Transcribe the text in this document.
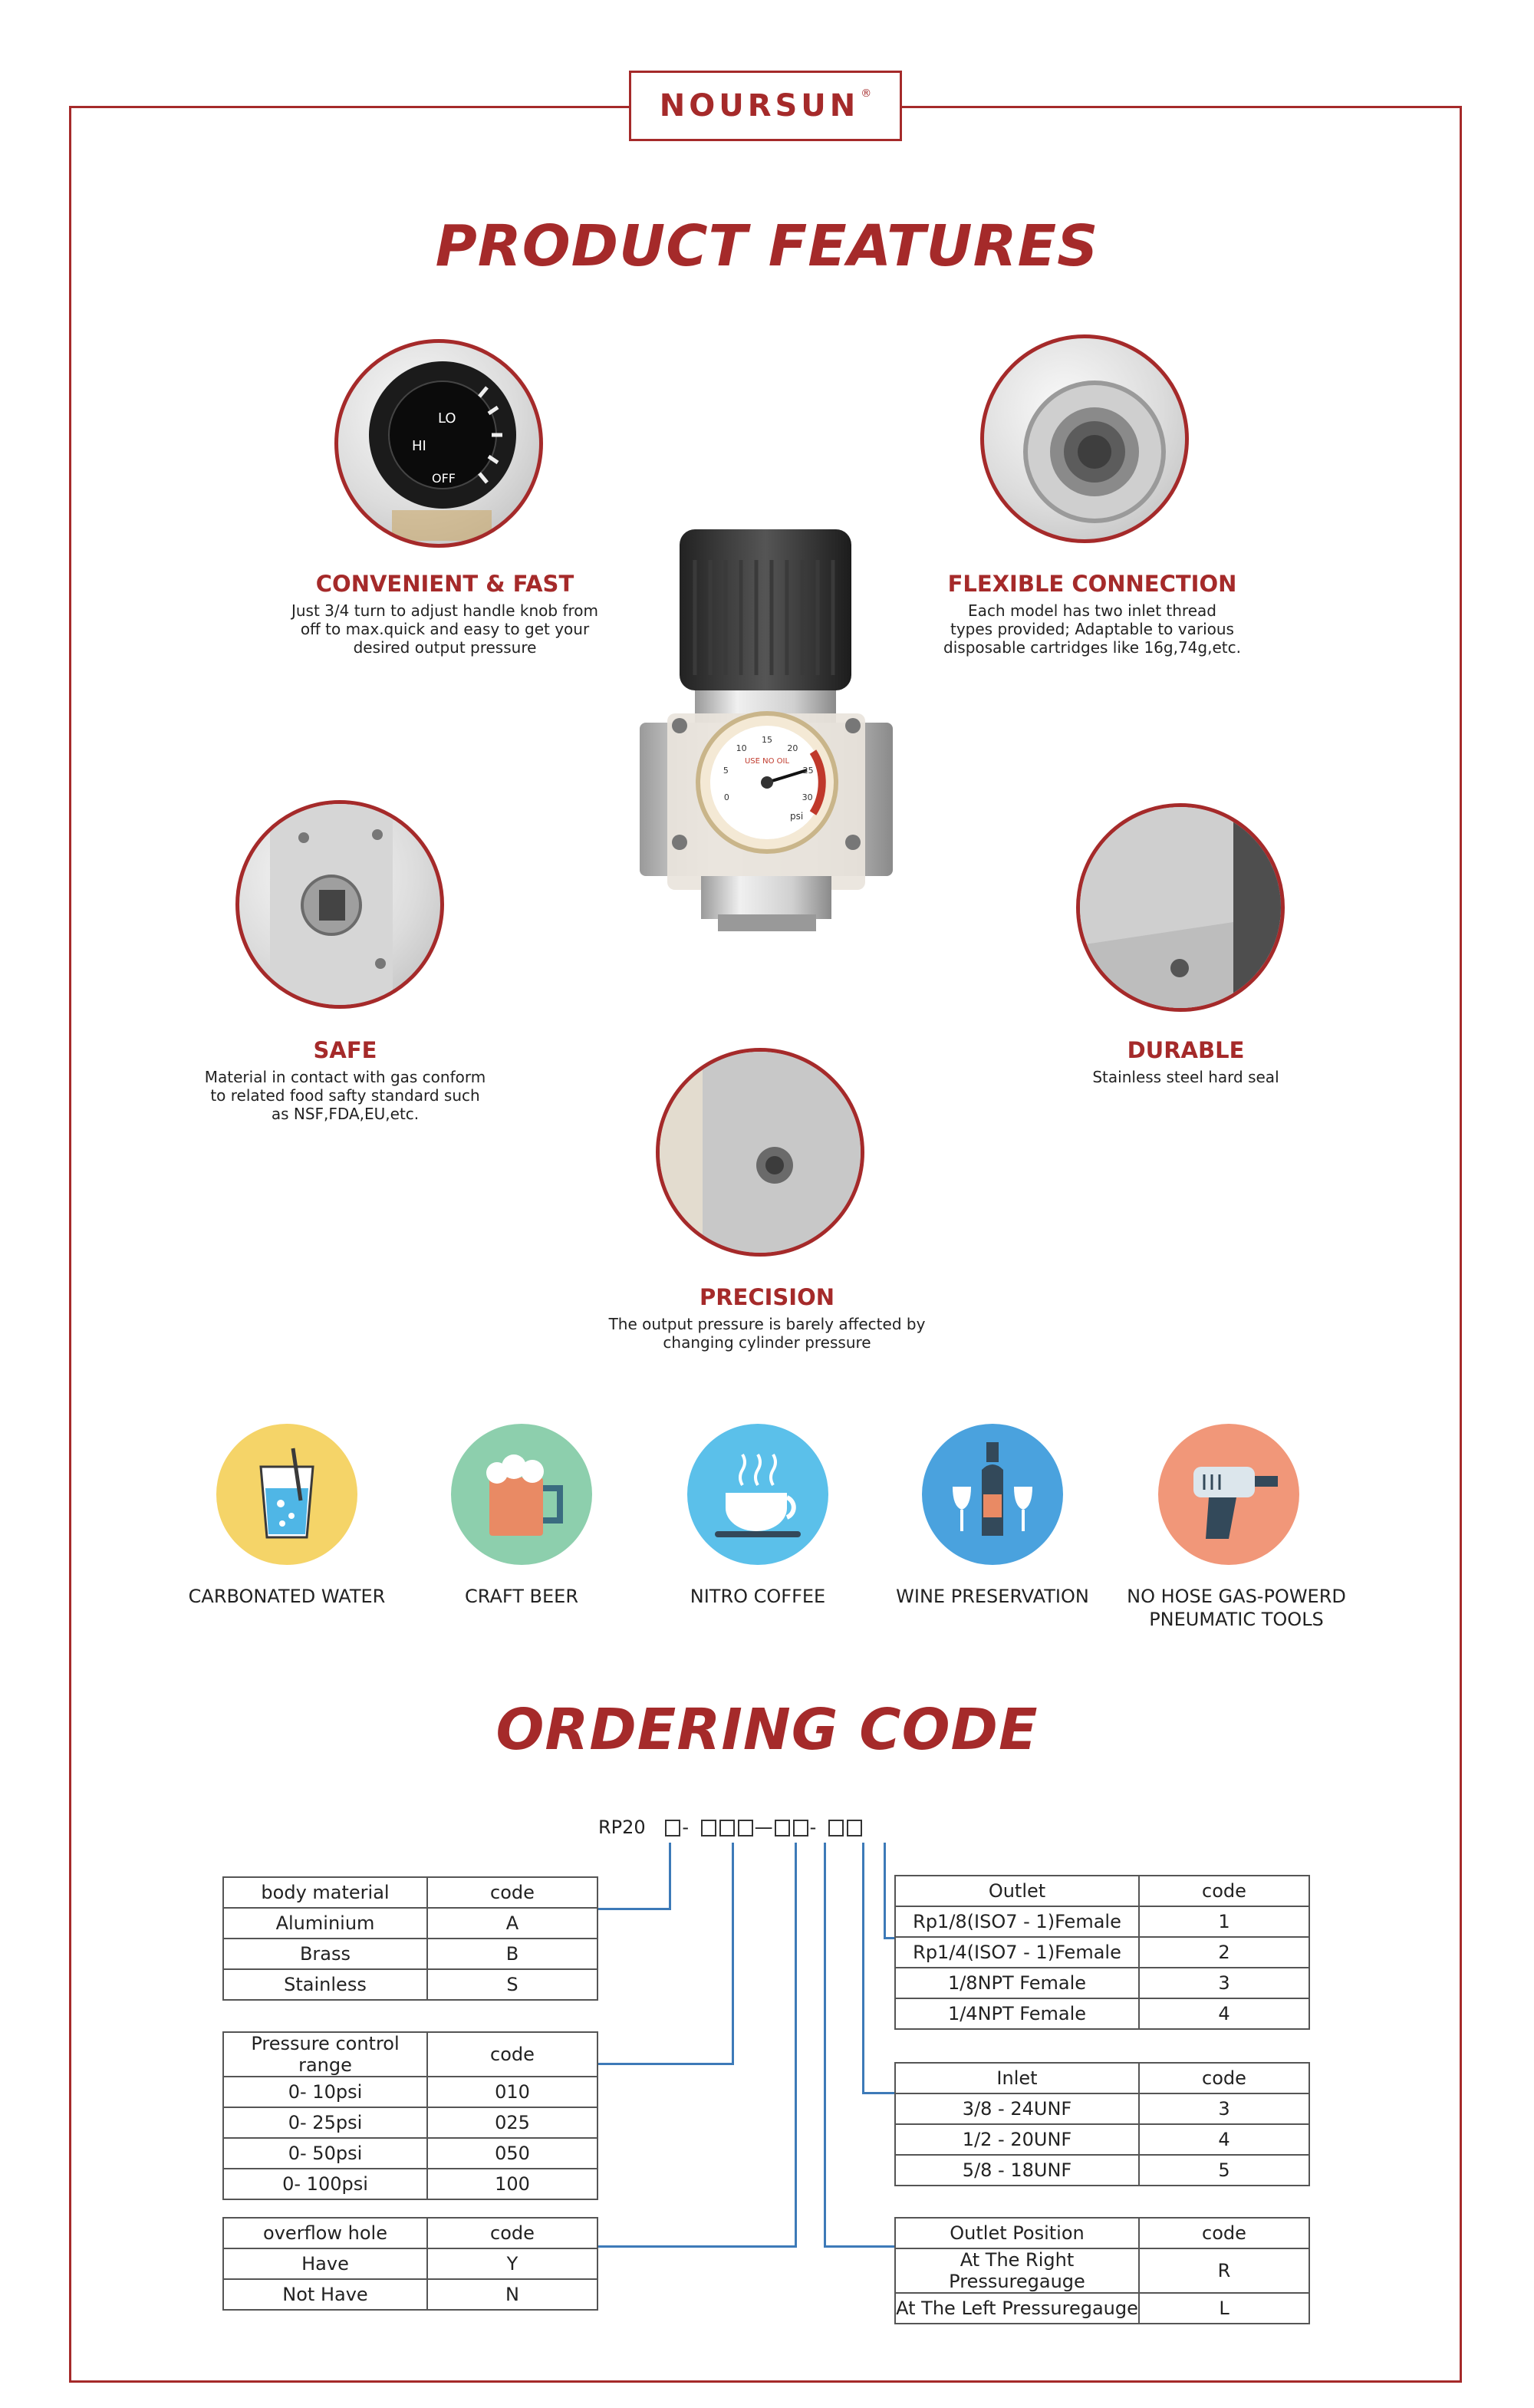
NOURSUN ®
PRODUCT FEATURES
USE NO OIL
psi
0
5
10
15
20
25
30
HI
LO
OFF
CONVENIENT & FAST
Just 3/4 turn to adjust handle knob from
off to max.quick and easy to get your
desired output pressure
FLEXIBLE CONNECTION
Each model has two inlet thread
types provided; Adaptable to various
disposable cartridges like 16g,74g,etc.
SAFE
Material in contact with gas conform
to related food safty standard such
as NSF,FDA,EU,etc.
DURABLE
Stainless steel hard seal
PRECISION
The output pressure is barely affected by
changing cylinder pressure
CARBONATED WATER	CRAFT BEER	NITRO COFFEE	WINE PRESERVATION	NO HOSE GAS-POWERD
PNEUMATIC TOOLS
ORDERING CODE
RP20 -	— -
body material	code
Aluminium	A
Brass	B
Stainless	S
Pressure control range	code
0- 10psi	010
0- 25psi	025
0- 50psi	050
0- 100psi	100
overflow hole	code
Have	Y
Not Have	N
Outlet	code
Rp1/8(ISO7 - 1)Female	1
Rp1/4(ISO7 - 1)Female	2
1/8NPT Female	3
1/4NPT Female	4
Inlet	code
3/8 - 24UNF	3
1/2 - 20UNF	4
5/8 - 18UNF	5
Outlet Position	code
At The Right Pressuregauge	R
At The Left Pressuregauge	L
